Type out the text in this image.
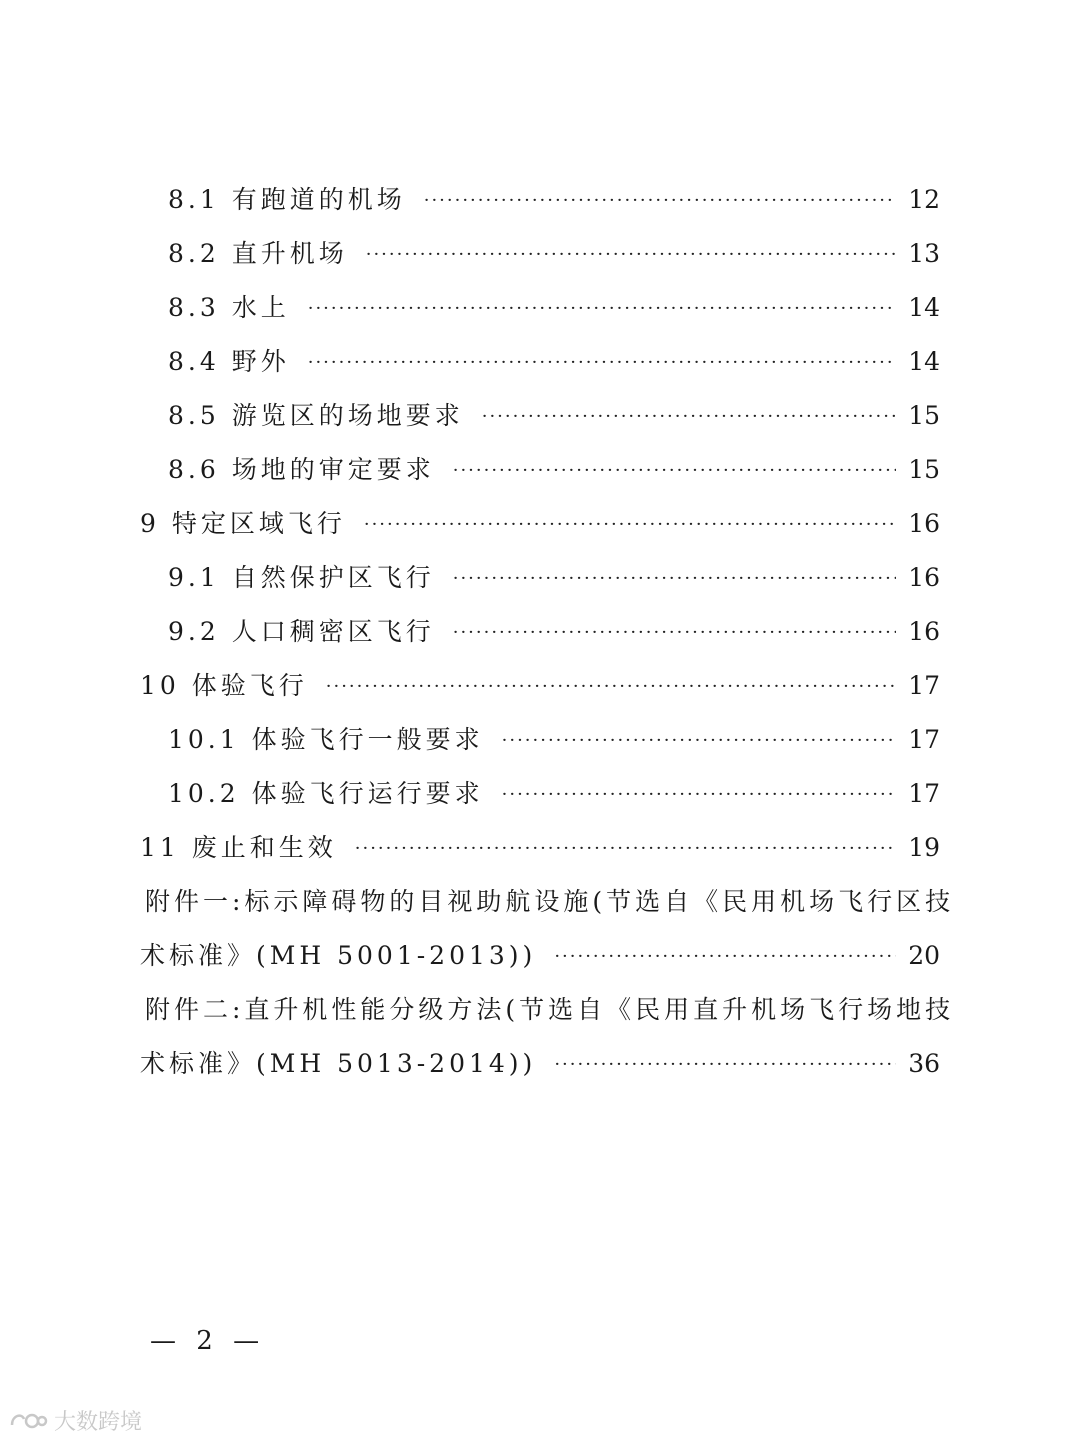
8.1 有跑道的机场 ·····	12
8.2 直升机场 ·····	13
8.3 水上 ·····	14
8.4 野外 ·····	14
8.5 游览区的场地要求 ·····	15
8.6 场地的审定要求 ·····	15
9 特定区域飞行 ·····	16
9.1 自然保护区飞行 ·····	16
9.2 人口稠密区飞行 ·····	16
10 体验飞行 ·····	17
10.1 体验飞行一般要求 ·····	17
10.2 体验飞行运行要求 ·····	17
11 废止和生效 ·····	19
附件一:标示障碍物的目视助航设施(节选自《民用机场飞行区技
术标准》(MH 5001-2013)) ·····	20
附件二:直升机性能分级方法(节选自《民用直升机场飞行场地技
术标准》(MH 5013-2014)) ·····	36
— 2 —
大数跨境
